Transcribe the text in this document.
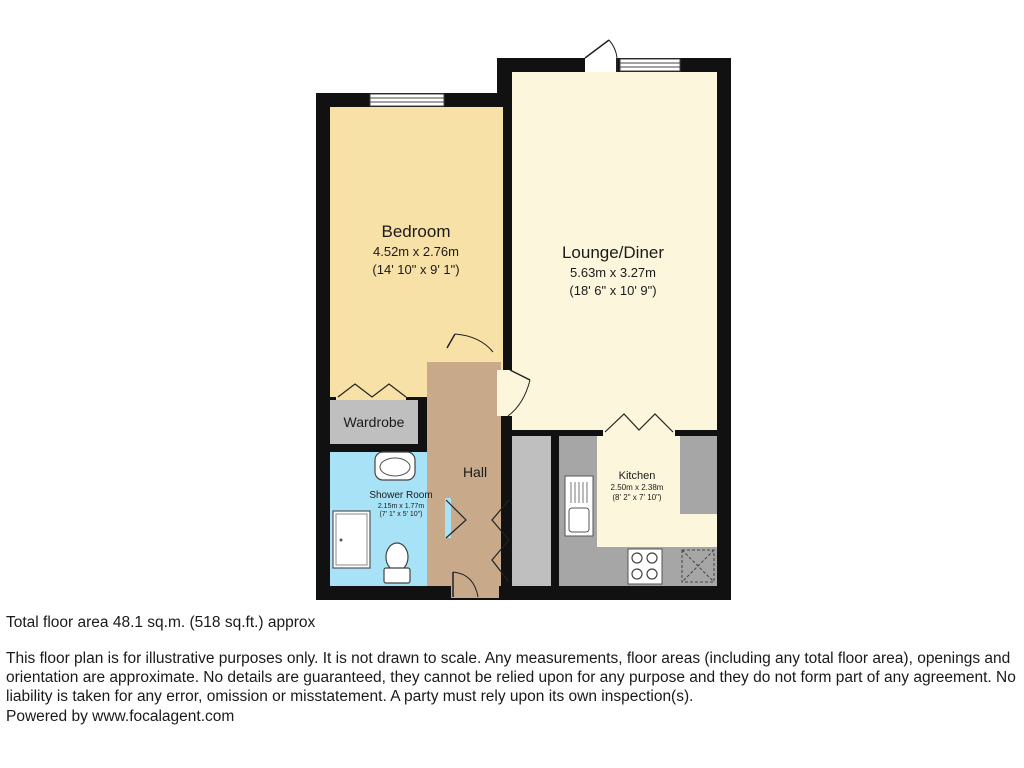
Bedroom
4.52m x 2.76m
(14' 10" x 9' 1")
Lounge/Diner
5.63m x 3.27m
(18' 6" x 10' 9")
Wardrobe
Hall
Shower Room
2.15m x 1.77m
(7' 1" x 5' 10")
Kitchen
2.50m x 2.38m
(8' 2" x 7' 10")
Total floor area 48.1 sq.m. (518 sq.ft.) approx
This floor plan is for illustrative purposes only. It is not drawn to scale. Any measurements, floor areas (including any total floor area), openings and orientation are approximate. No details are guaranteed, they cannot be relied upon for any purpose and they do not form part of any agreement. No liability is taken for any error, omission or misstatement. A party must rely upon its own inspection(s).
Powered by www.focalagent.com
